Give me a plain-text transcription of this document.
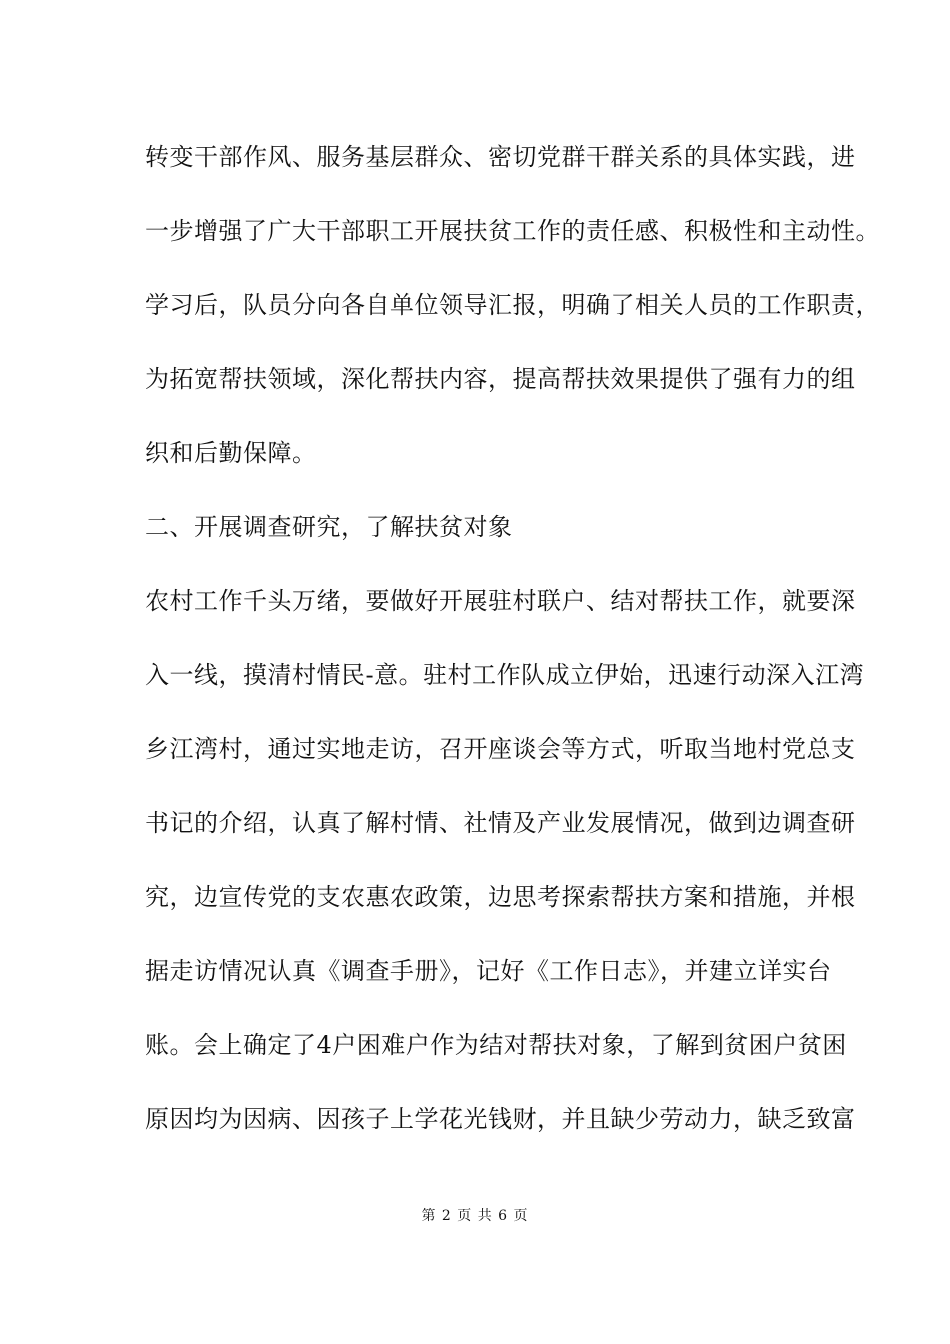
转变干部作风、服务基层群众、密切党群干群关系的具体实践，进
一步增强了广大干部职工开展扶贫工作的责任感、积极性和主动性。
学习后，队员分向各自单位领导汇报，明确了相关人员的工作职责，
为拓宽帮扶领域，深化帮扶内容，提高帮扶效果提供了强有力的组
织和后勤保障。
二、开展调查研究，了解扶贫对象
农村工作千头万绪，要做好开展驻村联户、结对帮扶工作，就要深
入一线，摸清村情民-意。驻村工作队成立伊始，迅速行动深入江湾
乡江湾村，通过实地走访，召开座谈会等方式，听取当地村党总支
书记的介绍，认真了解村情、社情及产业发展情况，做到边调查研
究，边宣传党的支农惠农政策，边思考探索帮扶方案和措施，并根
据走访情况认真《调查手册》，记好《工作日志》，并建立详实台
账。会上确定了4户困难户作为结对帮扶对象，了解到贫困户贫困
原因均为因病、因孩子上学花光钱财，并且缺少劳动力，缺乏致富
第 2 页 共 6 页
